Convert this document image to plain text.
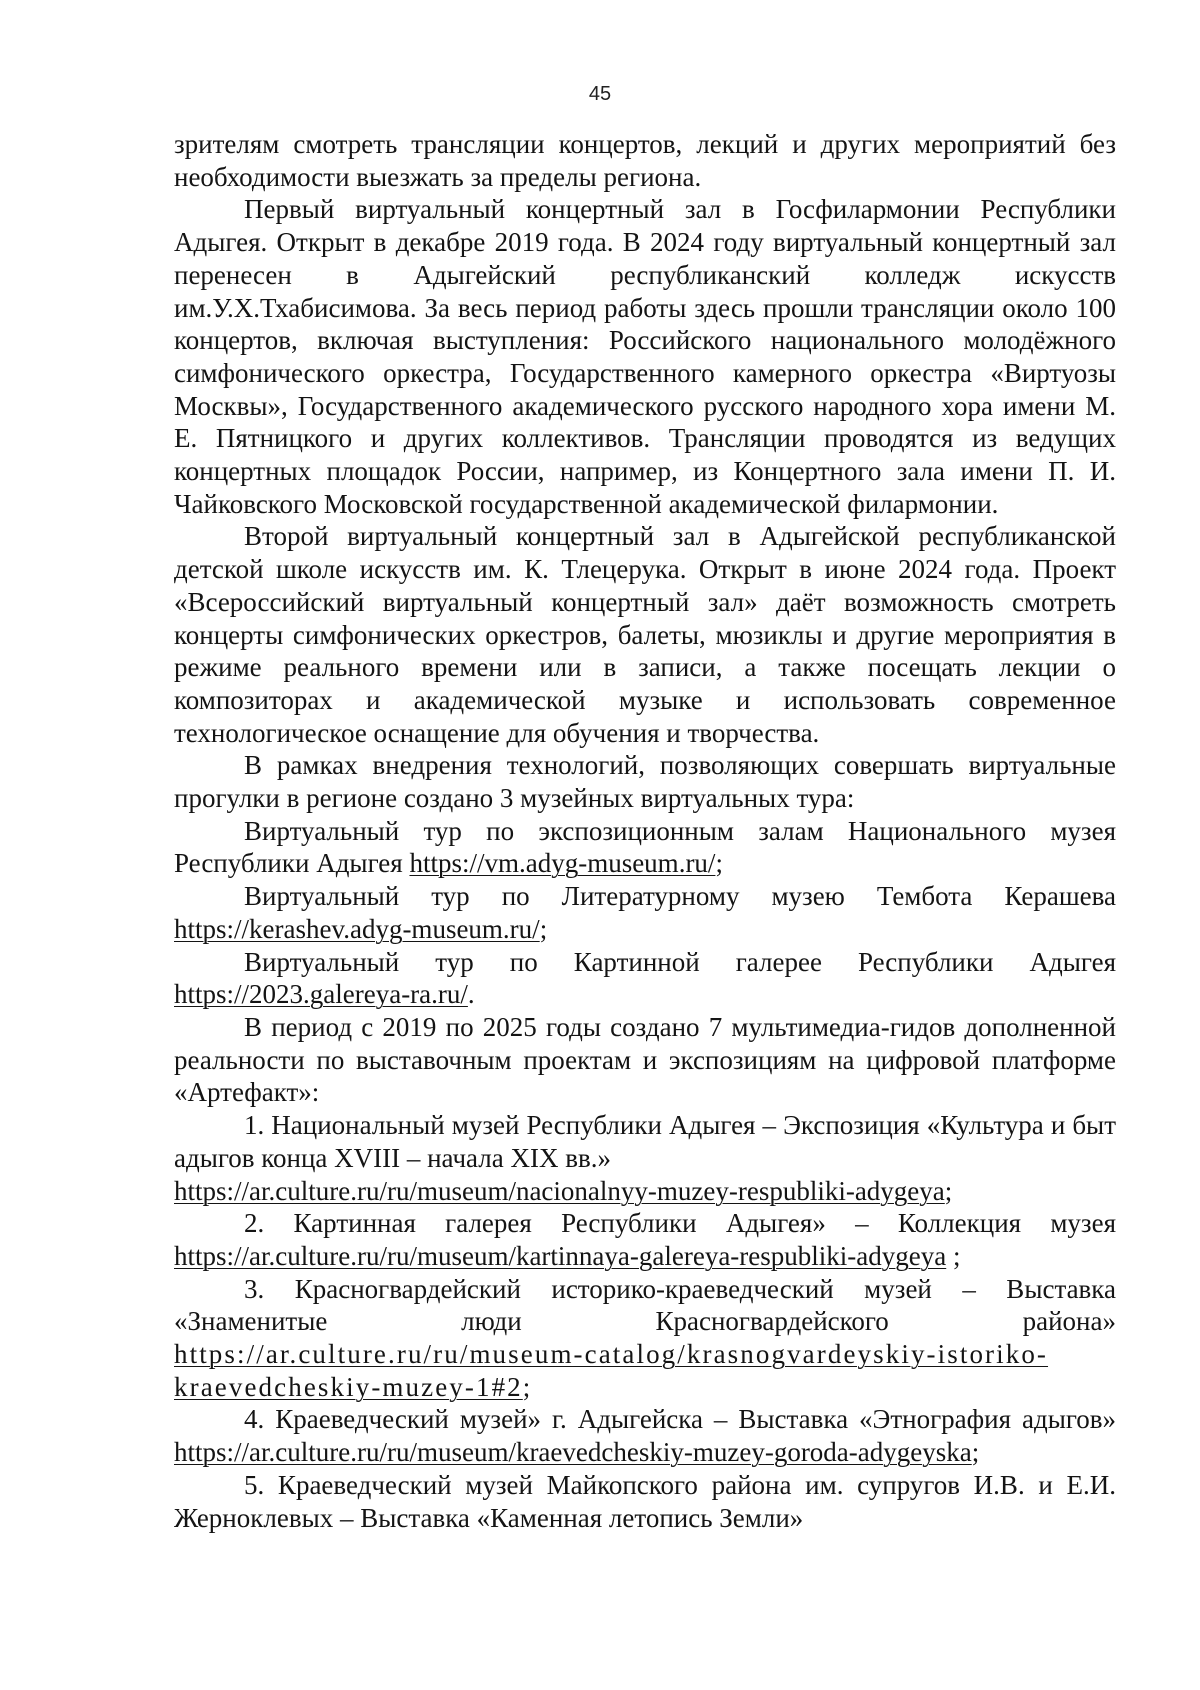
45

зрителям смотреть трансляции концертов, лекций и других мероприятий без необходимости выезжать за пределы региона.

Первый виртуальный концертный зал в Госфилармонии Республики Адыгея. Открыт в декабре 2019 года. В 2024 году виртуальный концертный зал перенесен в Адыгейский республиканский колледж искусств им.У.Х.Тхабисимова. За весь период работы здесь прошли трансляции около 100 концертов, включая выступления: Российского национального молодёжного симфонического оркестра, Государственного камерного оркестра «Виртуозы Москвы», Государственного академического русского народного хора имени М. Е. Пятницкого и других коллективов. Трансляции проводятся из ведущих концертных площадок России, например, из Концертного зала имени П. И. Чайковского Московской государственной академической филармонии.

Второй виртуальный концертный зал в Адыгейской республиканской детской школе искусств им. К. Тлецерука. Открыт в июне 2024 года. Проект «Всероссийский виртуальный концертный зал» даёт возможность смотреть концерты симфонических оркестров, балеты, мюзиклы и другие мероприятия в режиме реального времени или в записи, а также посещать лекции о композиторах и академической музыке и использовать современное технологическое оснащение для обучения и творчества.

В рамках внедрения технологий, позволяющих совершать виртуальные прогулки в регионе создано 3 музейных виртуальных тура:

Виртуальный тур по экспозиционным залам Национального музея Республики Адыгея https://vm.adyg-museum.ru/;

Виртуальный тур по Литературному музею Тембота Керашева https://kerashev.adyg-museum.ru/;

Виртуальный тур по Картинной галерее Республики Адыгея https://2023.galereya-ra.ru/.

В период с 2019 по 2025 годы создано 7 мультимедиа-гидов дополненной реальности по выставочным проектам и экспозициям на цифровой платформе «Артефакт»:

1. Национальный музей Республики Адыгея – Экспозиция «Культура и быт адыгов конца XVIII – начала XIX вв.»
https://ar.culture.ru/ru/museum/nacionalnyy-muzey-respubliki-adygeya;

2. Картинная галерея Республики Адыгея» – Коллекция музея https://ar.culture.ru/ru/museum/kartinnaya-galereya-respubliki-adygeya ;

3. Красногвардейский историко-краеведческий музей – Выставка «Знаменитые люди Красногвардейского района» https://ar.culture.ru/ru/museum-catalog/krasnogvardeyskiy-istoriko-kraevedcheskiy-muzey-1#2;

4. Краеведческий музей» г. Адыгейска – Выставка «Этнография адыгов» https://ar.culture.ru/ru/museum/kraevedcheskiy-muzey-goroda-adygeyska;

5. Краеведческий музей Майкопского района им. супругов И.В. и Е.И. Жерноклевых – Выставка «Каменная летопись Земли»
